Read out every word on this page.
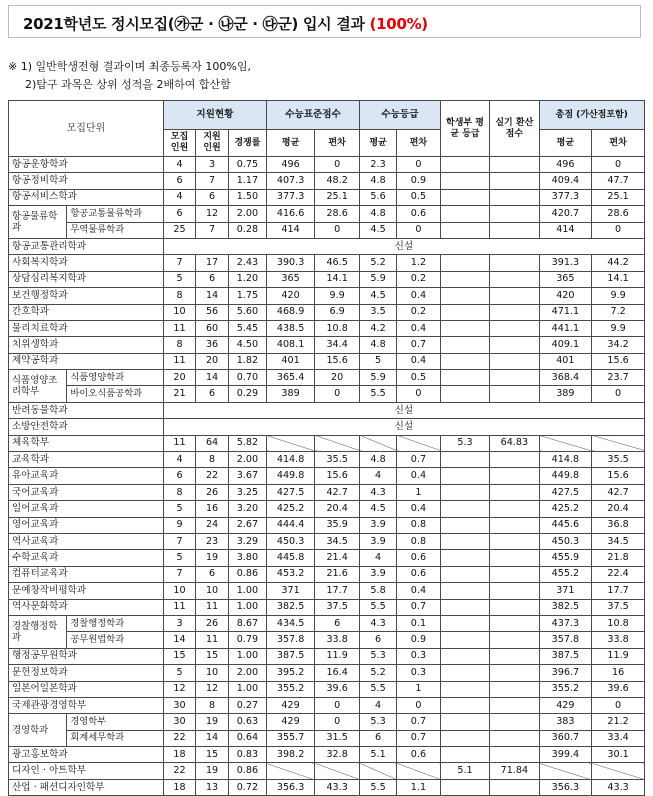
2021학년도 정시모집(㉮군 · ㉯군 · ㉰군) 입시 결과 (100%)
※ 1) 일반학생전형 결과이며 최종등록자 100%임,
2)탐구 과목은 상위 성적을 2배하여 합산함
모집단위		지원현황			수능표준점수		수능등급		학생부 평균 등급	실기 환산 점수	총점 (가산점포함)	
		모집 인원	지원 인원	경쟁률	평균	편차	평균	편차			평균	편차
항공운항학과		4	3	0.75	496	0	2.3	0			496	0
항공정비학과		6	7	1.17	407.3	48.2	4.8	0.9			409.4	47.7
항공서비스학과		4	6	1.50	377.3	25.1	5.6	0.5			377.3	25.1
항공물류학과	항공교통물류학과	6	12	2.00	416.6	28.6	4.8	0.6			420.7	28.6
	무역물류학과	25	7	0.28	414	0	4.5	0			414	0
항공교통관리학과		신설										
사회복지학과		7	17	2.43	390.3	46.5	5.2	1.2			391.3	44.2
상담심리복지학과		5	6	1.20	365	14.1	5.9	0.2			365	14.1
보건행정학과		8	14	1.75	420	9.9	4.5	0.4			420	9.9
간호학과		10	56	5.60	468.9	6.9	3.5	0.2			471.1	7.2
물리치료학과		11	60	5.45	438.5	10.8	4.2	0.4			441.1	9.9
치위생학과		8	36	4.50	408.1	34.4	4.8	0.7			409.1	34.2
제약공학과		11	20	1.82	401	15.6	5	0.4			401	15.6
식품영양조리학부	식품영양학과	20	14	0.70	365.4	20	5.9	0.5			368.4	23.7
	바이오식품공학과	21	6	0.29	389	0	5.5	0			389	0
반려동물학과		신설										
소방안전학과		신설										
체육학부		11	64	5.82					5.3	64.83		
교육학과		4	8	2.00	414.8	35.5	4.8	0.7			414.8	35.5
유아교육과		6	22	3.67	449.8	15.6	4	0.4			449.8	15.6
국어교육과		8	26	3.25	427.5	42.7	4.3	1			427.5	42.7
일어교육과		5	16	3.20	425.2	20.4	4.5	0.4			425.2	20.4
영어교육과		9	24	2.67	444.4	35.9	3.9	0.8			445.6	36.8
역사교육과		7	23	3.29	450.3	34.5	3.9	0.8			450.3	34.5
수학교육과		5	19	3.80	445.8	21.4	4	0.6			455.9	21.8
컴퓨터교육과		7	6	0.86	453.2	21.6	3.9	0.6			455.2	22.4
문예창작비평학과		10	10	1.00	371	17.7	5.8	0.4			371	17.7
역사문화학과		11	11	1.00	382.5	37.5	5.5	0.7			382.5	37.5
경찰행정학과	경찰행정학과	3	26	8.67	434.5	6	4.3	0.1			437.3	10.8
	공무원법학과	14	11	0.79	357.8	33.8	6	0.9			357.8	33.8
행정공무원학과		15	15	1.00	387.5	11.9	5.3	0.3			387.5	11.9
문헌정보학과		5	10	2.00	395.2	16.4	5.2	0.3			396.7	16
일본어일본학과		12	12	1.00	355.2	39.6	5.5	1			355.2	39.6
국제관광경영학부		30	8	0.27	429	0	4	0			429	0
경영학과	경영학부	30	19	0.63	429	0	5.3	0.7			383	21.2
	회계세무학과	22	14	0.64	355.7	31.5	6	0.7			360.7	33.4
광고홍보학과		18	15	0.83	398.2	32.8	5.1	0.6			399.4	30.1
디자인 · 아트학부		22	19	0.86					5.1	71.84		
산업 · 패션디자인학부		18	13	0.72	356.3	43.3	5.5	1.1			356.3	43.3
